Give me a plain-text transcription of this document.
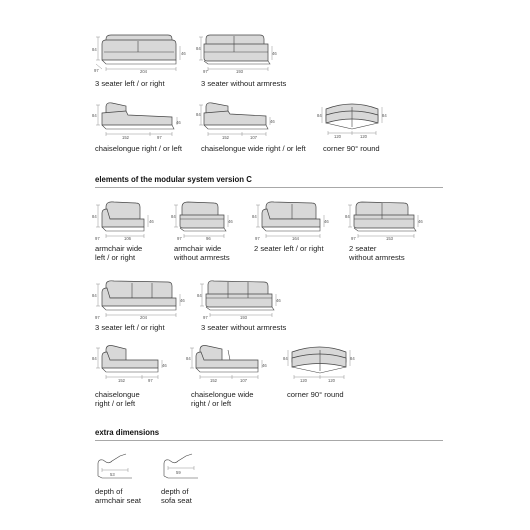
84
46
204
97
3 seater left / or right
84
46
193
97
3 seater without armrests
84
46
152	97
chaiselongue right / or left
84
46
152	107
chaiselongue wide right / or left
84	84
120	120
corner 90° round
elements of the modular system version C
84
46
106
97
armchair wide
left / or right
84
46
96
97
armchair wide
without armrests
84
46
164
97
2 seater left / or right
84
46
153
97
2 seater
without armrests
84
46
204
97
3 seater left / or right
84
46
193
97
3 seater without armrests
84
46
152	97
chaiselongue
right / or left
84
46
152	107
chaiselongue wide
right / or left
84	84
120	120
corner 90° round
extra dimensions
53
depth of
armchair seat
59
depth of
sofa seat
